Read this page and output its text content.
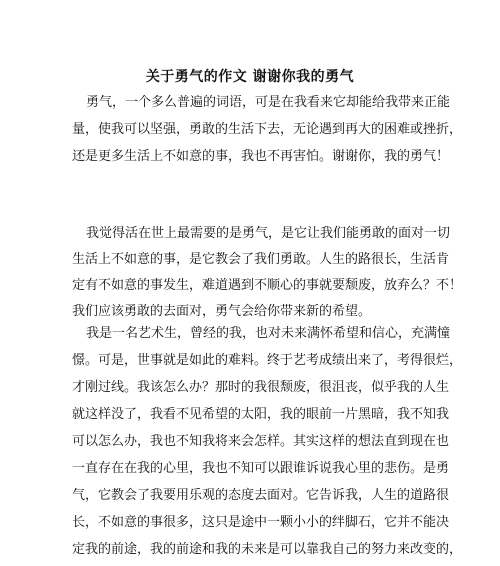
关于勇气的作文 谢谢你我的勇气
勇气，一个多么普遍的词语，可是在我看来它却能给我带来正能
量，使我可以坚强，勇敢的生活下去，无论遇到再大的困难或挫折，
还是更多生活上不如意的事，我也不再害怕。谢谢你，我的勇气！
我觉得活在世上最需要的是勇气，是它让我们能勇敢的面对一切
生活上不如意的事，是它教会了我们勇敢。人生的路很长，生活肯
定有不如意的事发生，难道遇到不顺心的事就要颓废，放弃么？不！
我们应该勇敢的去面对，勇气会给你带来新的希望。
我是一名艺术生，曾经的我，也对未来满怀希望和信心，充满憧
憬。可是，世事就是如此的难料。终于艺考成绩出来了，考得很烂，
才刚过线。我该怎么办？那时的我很颓废，很沮丧，似乎我的人生
就这样没了，我看不见希望的太阳，我的眼前一片黑暗，我不知我
可以怎么办，我也不知我将来会怎样。其实这样的想法直到现在也
一直存在在我的心里，我也不知可以跟谁诉说我心里的悲伤。是勇
气，它教会了我要用乐观的态度去面对。它告诉我，人生的道路很
长，不如意的事很多，这只是途中一颗小小的绊脚石，它并不能决
定我的前途，我的前途和我的未来是可以靠我自己的努力来改变的，
